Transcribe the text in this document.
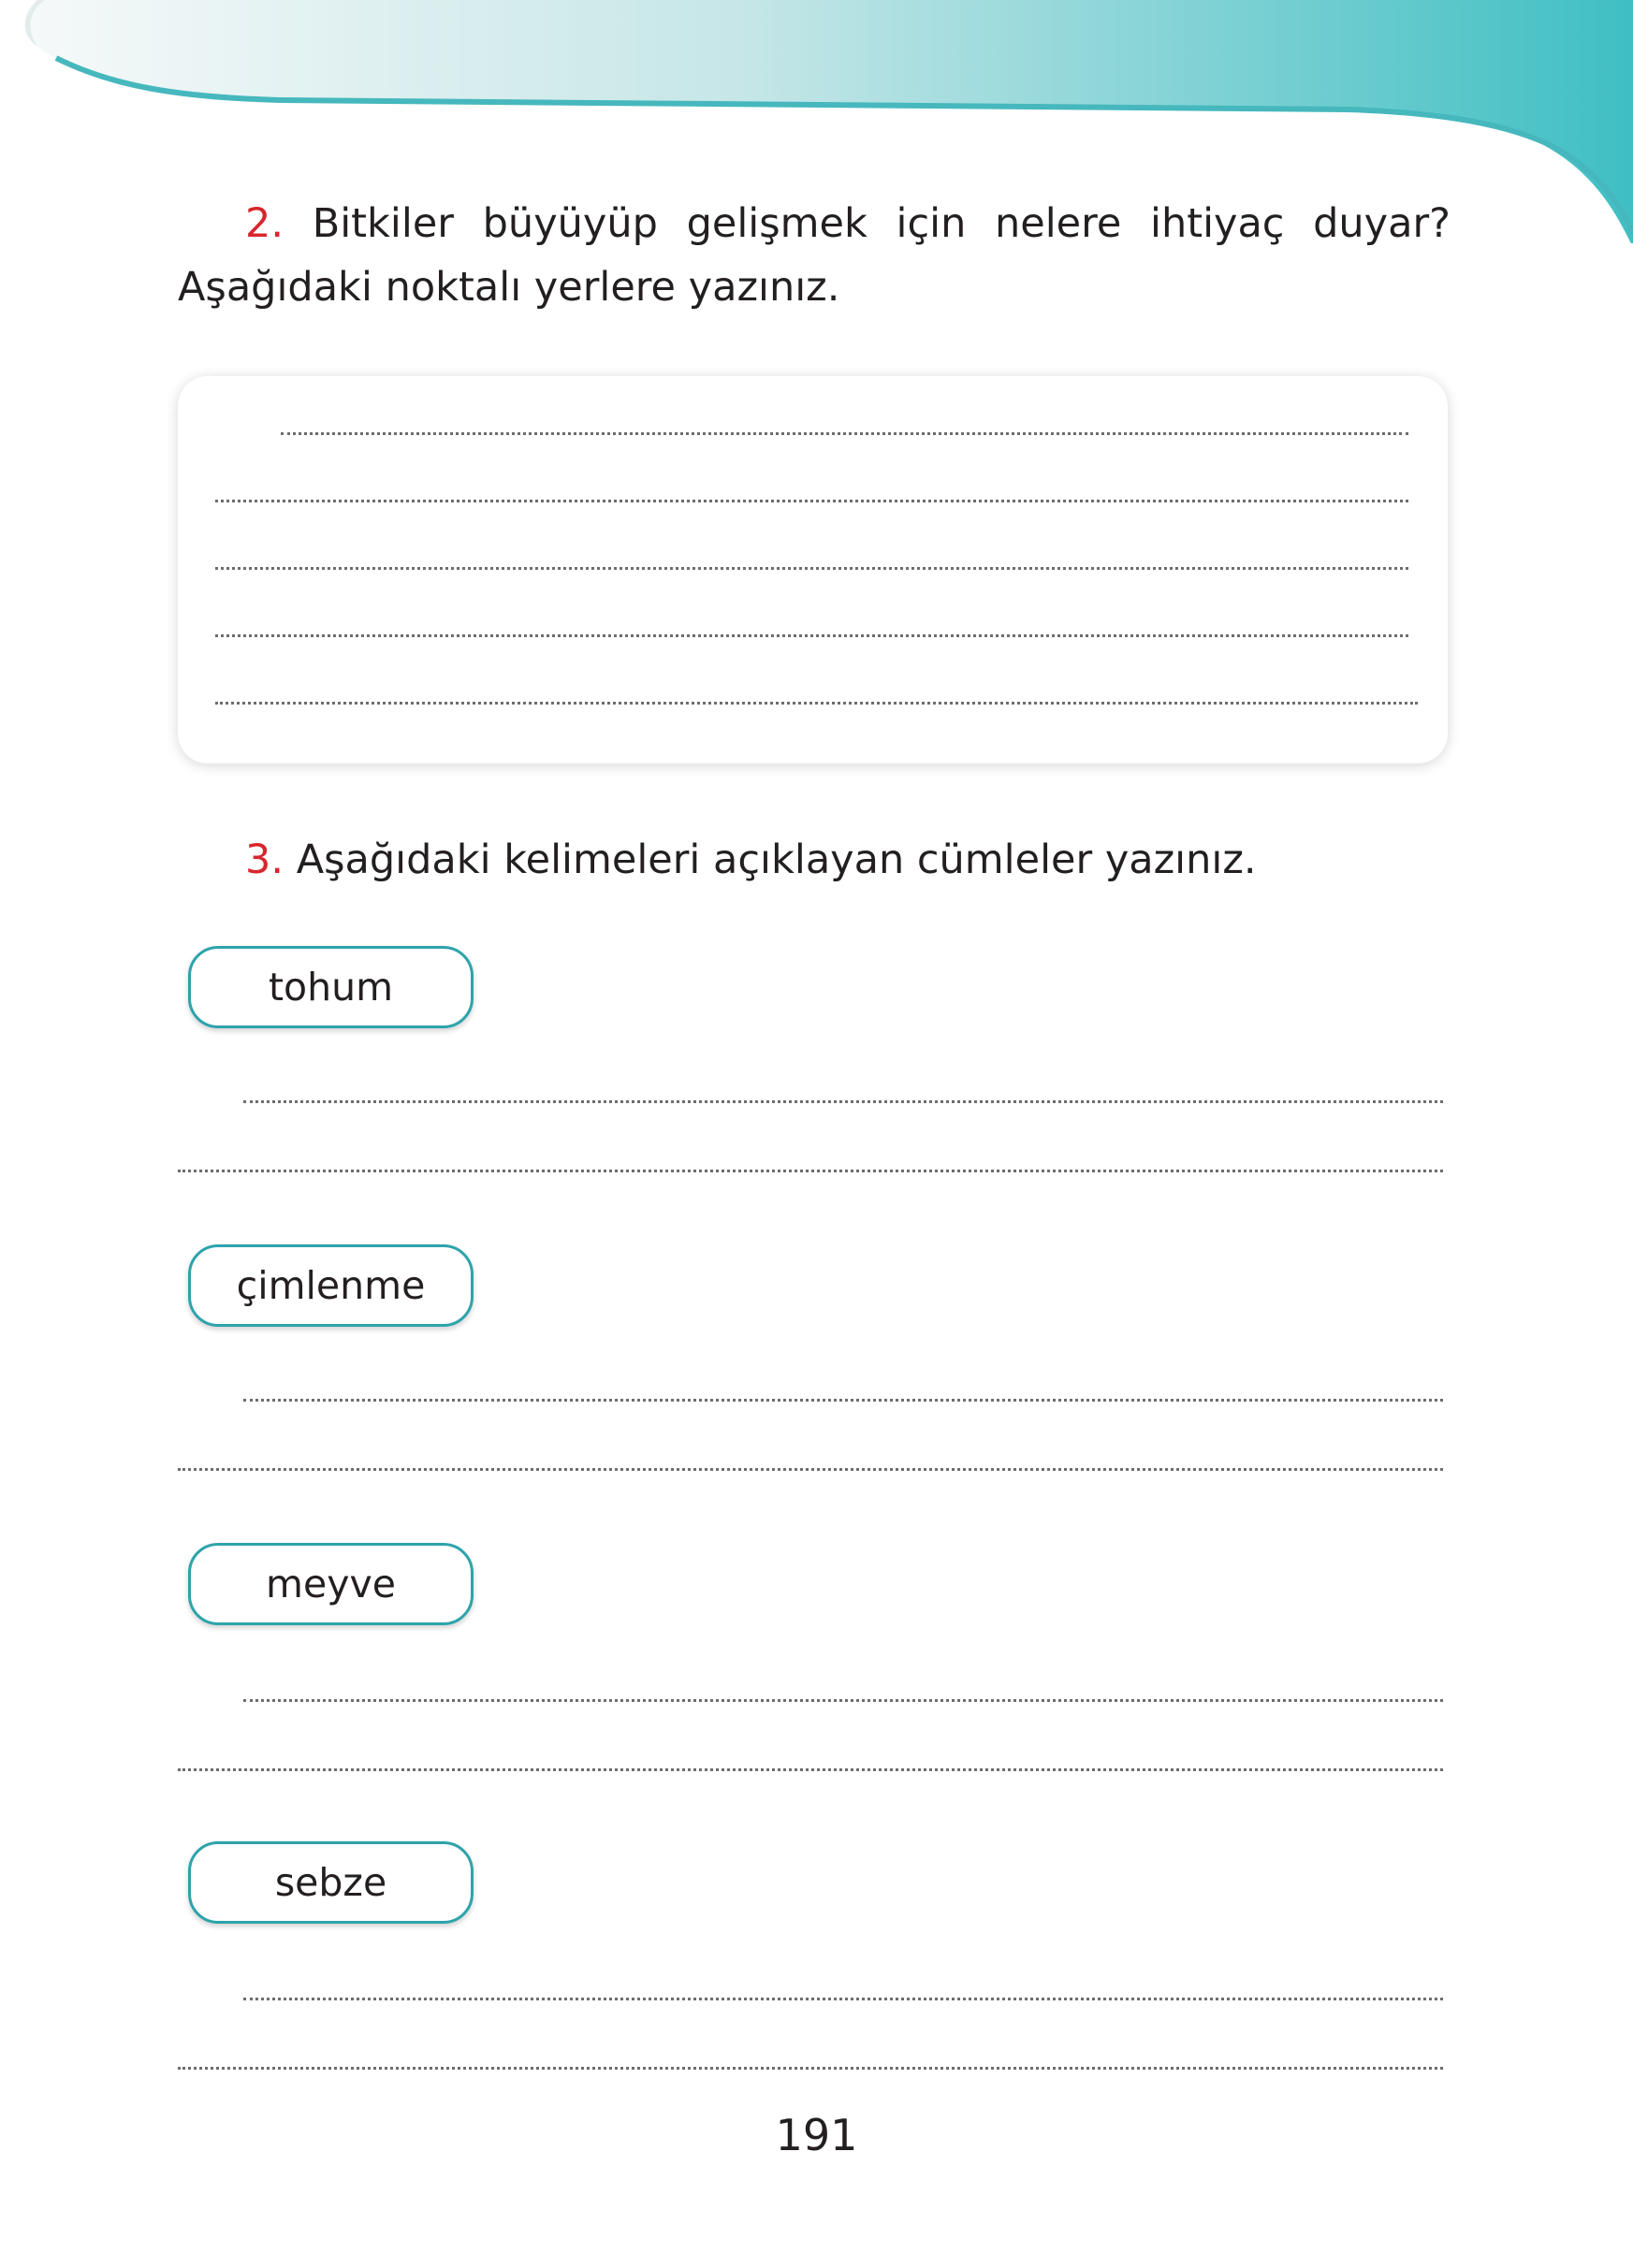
2. Bitkiler büyüyüp gelişmek için nelere ihtiyaç duyar? Aşağıdaki noktalı yerlere yazınız.
3. Aşağıdaki kelimeleri açıklayan cümleler yazınız.
tohum
çimlenme
meyve
sebze
191
